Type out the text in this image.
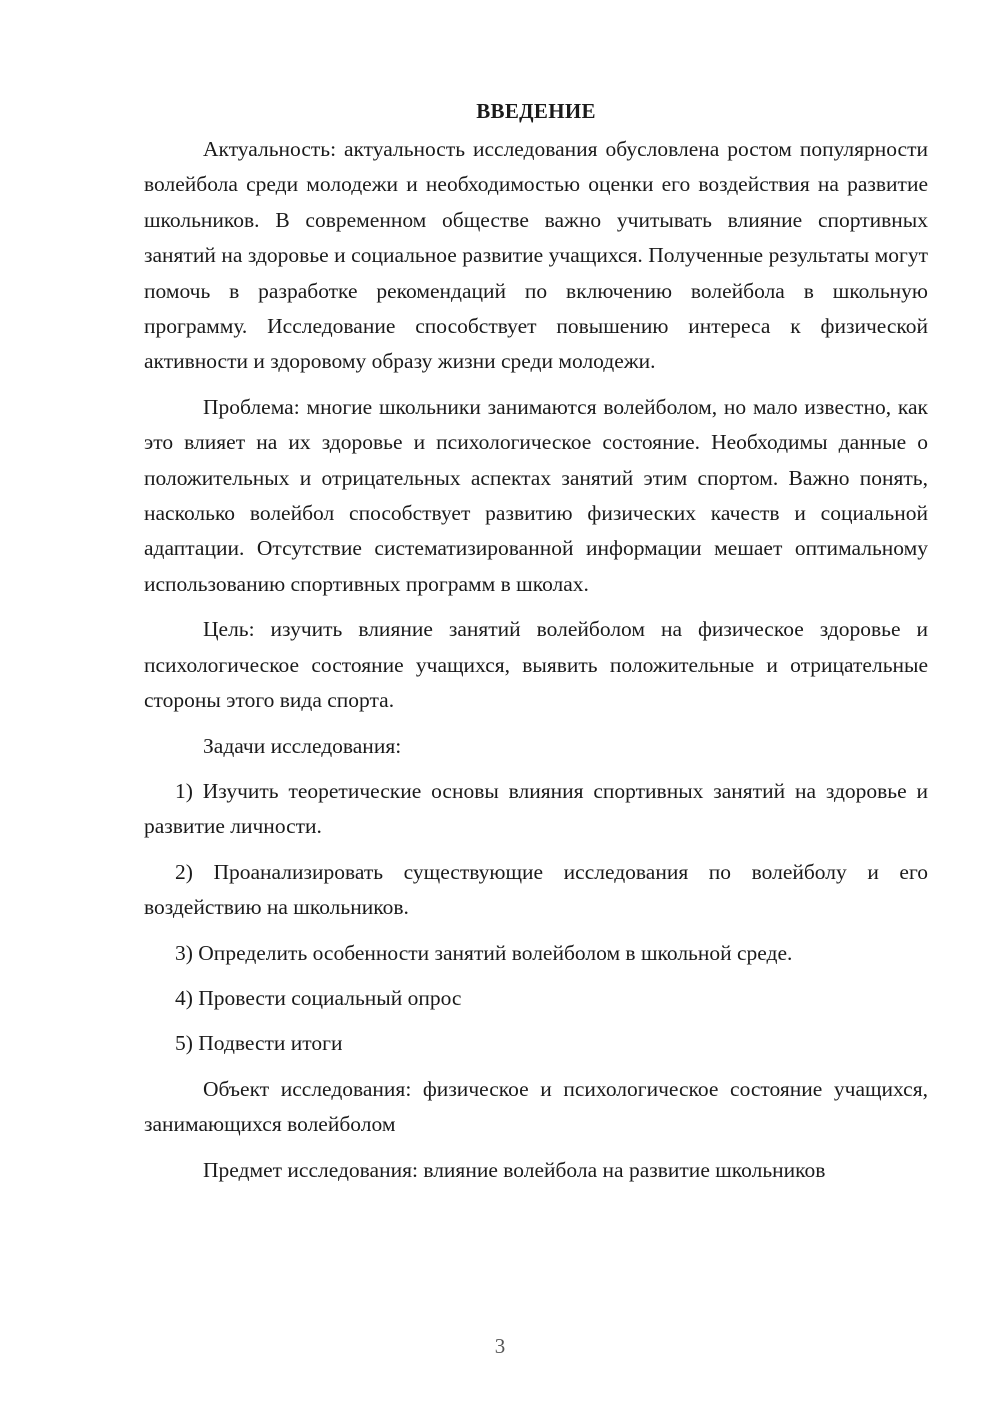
ВВЕДЕНИЕ

Актуальность: актуальность исследования обусловлена ростом популярности волейбола среди молодежи и необходимостью оценки его воздействия на развитие школьников. В современном обществе важно учитывать влияние спортивных занятий на здоровье и социальное развитие учащихся. Полученные результаты могут помочь в разработке рекомендаций по включению волейбола в школьную программу. Исследование способствует повышению интереса к физической активности и здоровому образу жизни среди молодежи.

Проблема: многие школьники занимаются волейболом, но мало известно, как это влияет на их здоровье и психологическое состояние. Необходимы данные о положительных и отрицательных аспектах занятий этим спортом. Важно понять, насколько волейбол способствует развитию физических качеств и социальной адаптации. Отсутствие систематизированной информации мешает оптимальному использованию спортивных программ в школах.

Цель: изучить влияние занятий волейболом на физическое здоровье и психологическое состояние учащихся, выявить положительные и отрицательные стороны этого вида спорта.

Задачи исследования:

1) Изучить теоретические основы влияния спортивных занятий на здоровье и развитие личности.

2) Проанализировать существующие исследования по волейболу и его воздействию на школьников.

3) Определить особенности занятий волейболом в школьной среде.

4) Провести социальный опрос

5) Подвести итоги

Объект исследования: физическое и психологическое состояние учащихся, занимающихся волейболом

Предмет исследования: влияние волейбола на развитие школьников

3
